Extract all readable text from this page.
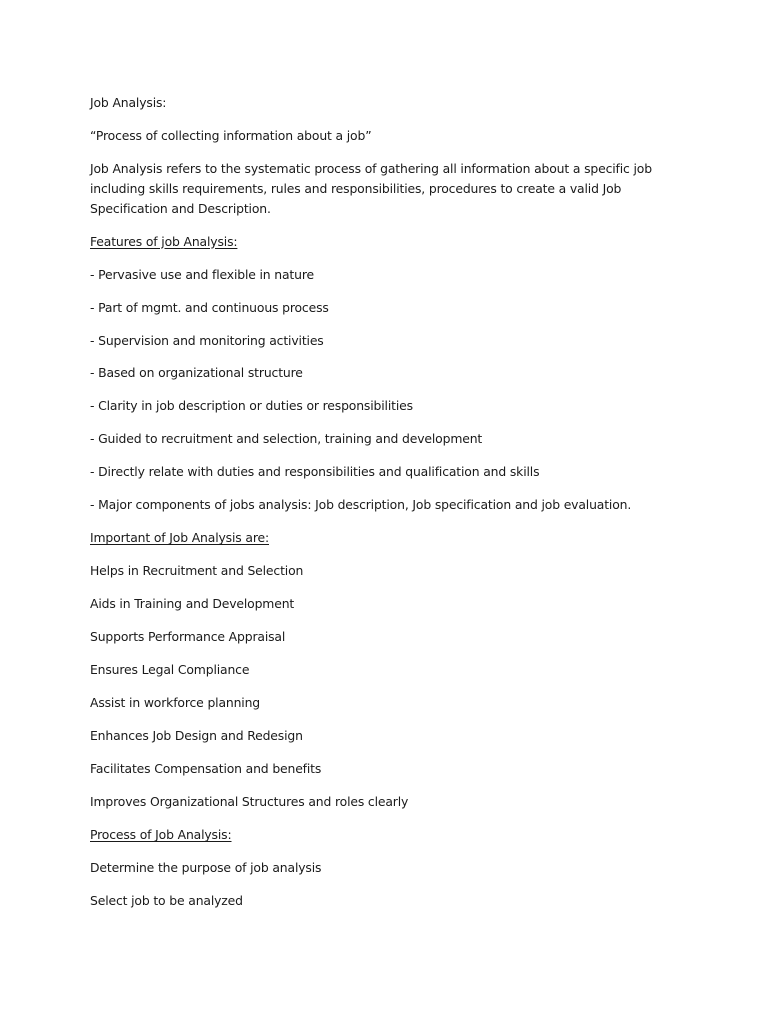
Job Analysis:

“Process of collecting information about a job”

Job Analysis refers to the systematic process of gathering all information about a specific job including skills requirements, rules and responsibilities, procedures to create a valid Job Specification and Description.

Features of job Analysis:

- Pervasive use and flexible in nature

- Part of mgmt. and continuous process

- Supervision and monitoring activities

- Based on organizational structure

- Clarity in job description or duties or responsibilities

- Guided to recruitment and selection, training and development

- Directly relate with duties and responsibilities and qualification and skills

- Major components of jobs analysis: Job description, Job specification and job evaluation.

Important of Job Analysis are:

Helps in Recruitment and Selection

Aids in Training and Development

Supports Performance Appraisal

Ensures Legal Compliance

Assist in workforce planning

Enhances Job Design and Redesign

Facilitates Compensation and benefits

Improves Organizational Structures and roles clearly

Process of Job Analysis:

Determine the purpose of job analysis

Select job to be analyzed
